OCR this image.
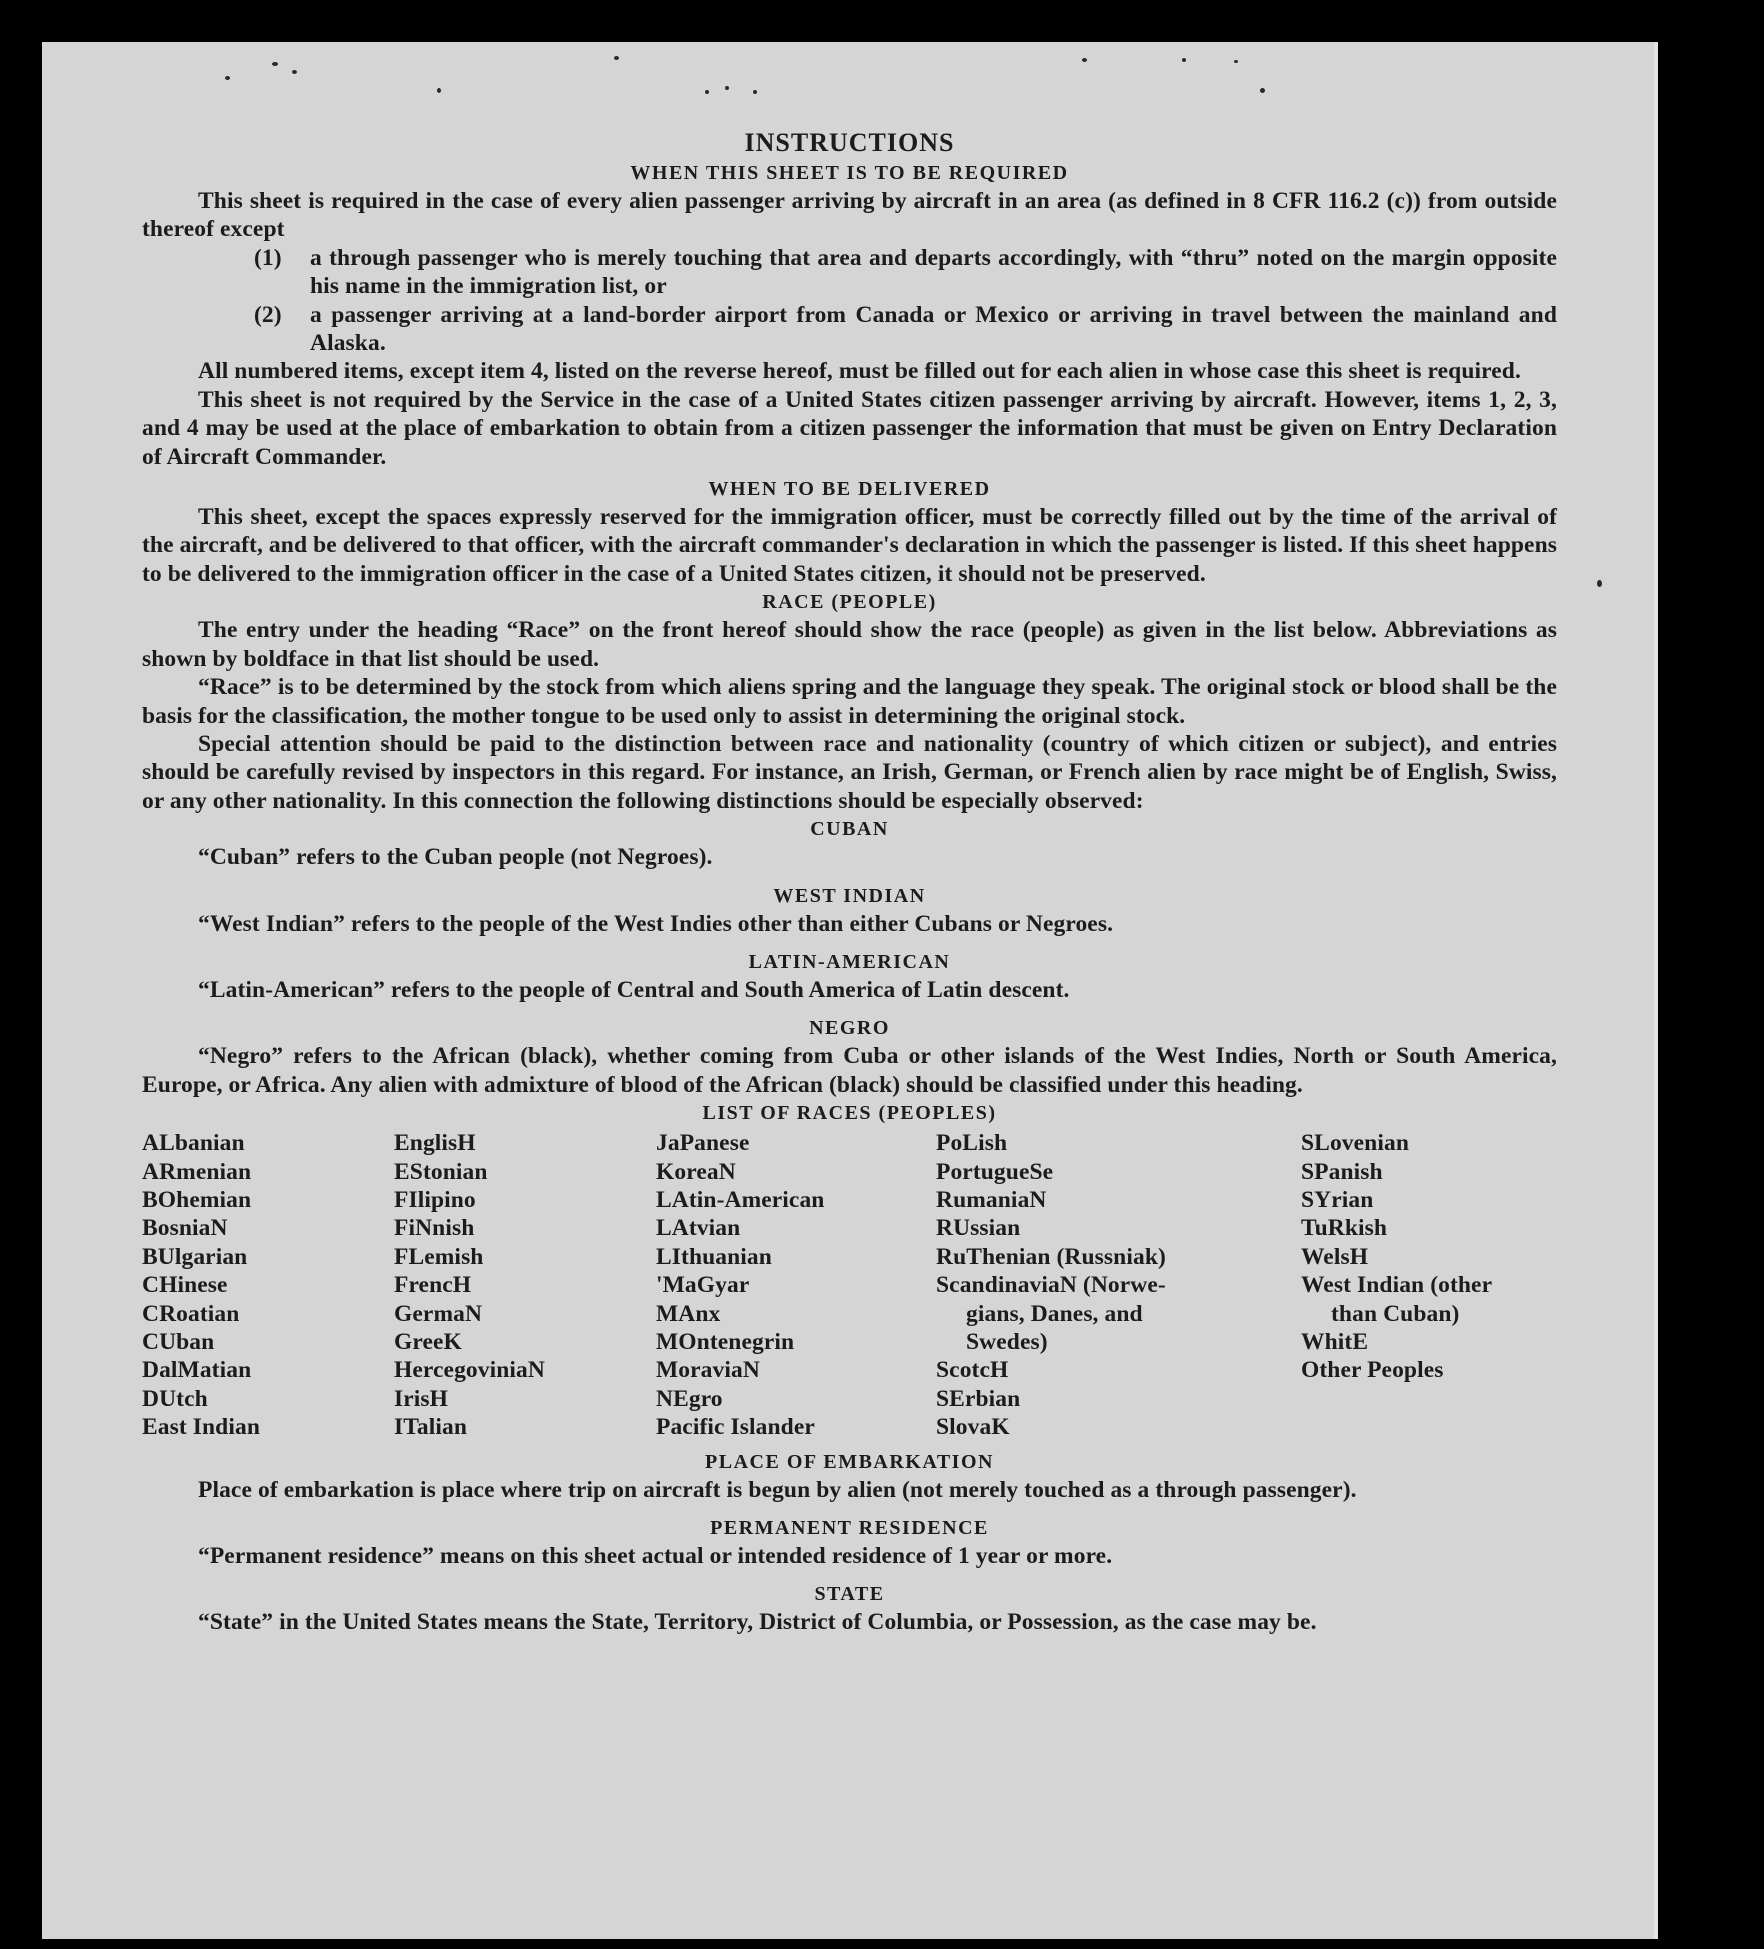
INSTRUCTIONS
WHEN THIS SHEET IS TO BE REQUIRED

This sheet is required in the case of every alien passenger arriving by aircraft in an area (as defined in 8 CFR 116.2 (c)) from outside thereof except

(1)	a through passenger who is merely touching that area and departs accordingly, with “thru” noted on the margin opposite his name in the immigration list, or
(2)	a passenger arriving at a land-border airport from Canada or Mexico or arriving in travel between the mainland and Alaska.

All numbered items, except item 4, listed on the reverse hereof, must be filled out for each alien in whose case this sheet is required.

This sheet is not required by the Service in the case of a United States citizen passenger arriving by aircraft. However, items 1, 2, 3, and 4 may be used at the place of embarkation to obtain from a citizen passenger the information that must be given on Entry Declaration of Aircraft Commander.

WHEN TO BE DELIVERED

This sheet, except the spaces expressly reserved for the immigration officer, must be correctly filled out by the time of the arrival of the aircraft, and be delivered to that officer, with the aircraft commander's declaration in which the passenger is listed. If this sheet happens to be delivered to the immigration officer in the case of a United States citizen, it should not be preserved.

RACE (PEOPLE)

The entry under the heading “Race” on the front hereof should show the race (people) as given in the list below. Abbreviations as shown by boldface in that list should be used.

“Race” is to be determined by the stock from which aliens spring and the language they speak. The original stock or blood shall be the basis for the classification, the mother tongue to be used only to assist in determining the original stock.

Special attention should be paid to the distinction between race and nationality (country of which citizen or subject), and entries should be carefully revised by inspectors in this regard. For instance, an Irish, German, or French alien by race might be of English, Swiss, or any other nationality. In this connection the following distinctions should be especially observed:

CUBAN

“Cuban” refers to the Cuban people (not Negroes).

WEST INDIAN

“West Indian” refers to the people of the West Indies other than either Cubans or Negroes.

LATIN-AMERICAN

“Latin-American” refers to the people of Central and South America of Latin descent.

NEGRO

“Negro” refers to the African (black), whether coming from Cuba or other islands of the West Indies, North or South America, Europe, or Africa. Any alien with admixture of blood of the African (black) should be classified under this heading.

LIST OF RACES (PEOPLES)
ALbanian
ARmenian
BOhemian
BosniaN
BUlgarian
CHinese
CRoatian
CUban
DalMatian
DUtch
East Indian
EnglisH
EStonian
FIlipino
FiNnish
FLemish
FrencH
GermaN
GreeK
HercegoviniaN
IrisH
ITalian
JaPanese
KoreaN
LAtin-American
LAtvian
LIthuanian
'MaGyar
MAnx
MOntenegrin
MoraviaN
NEgro
Pacific Islander
PoLish
PortugueSe
RumaniaN
RUssian
RuThenian (Russniak)
ScandinaviaN (Norwe-
gians, Danes, and
Swedes)
ScotcH
SErbian
SlovaK
SLovenian
SPanish
SYrian
TuRkish
WelsH
West Indian (other
than Cuban)
WhitE
Other Peoples
PLACE OF EMBARKATION

Place of embarkation is place where trip on aircraft is begun by alien (not merely touched as a through passenger).

PERMANENT RESIDENCE

“Permanent residence” means on this sheet actual or intended residence of 1 year or more.

STATE

“State” in the United States means the State, Territory, District of Columbia, or Possession, as the case may be.
